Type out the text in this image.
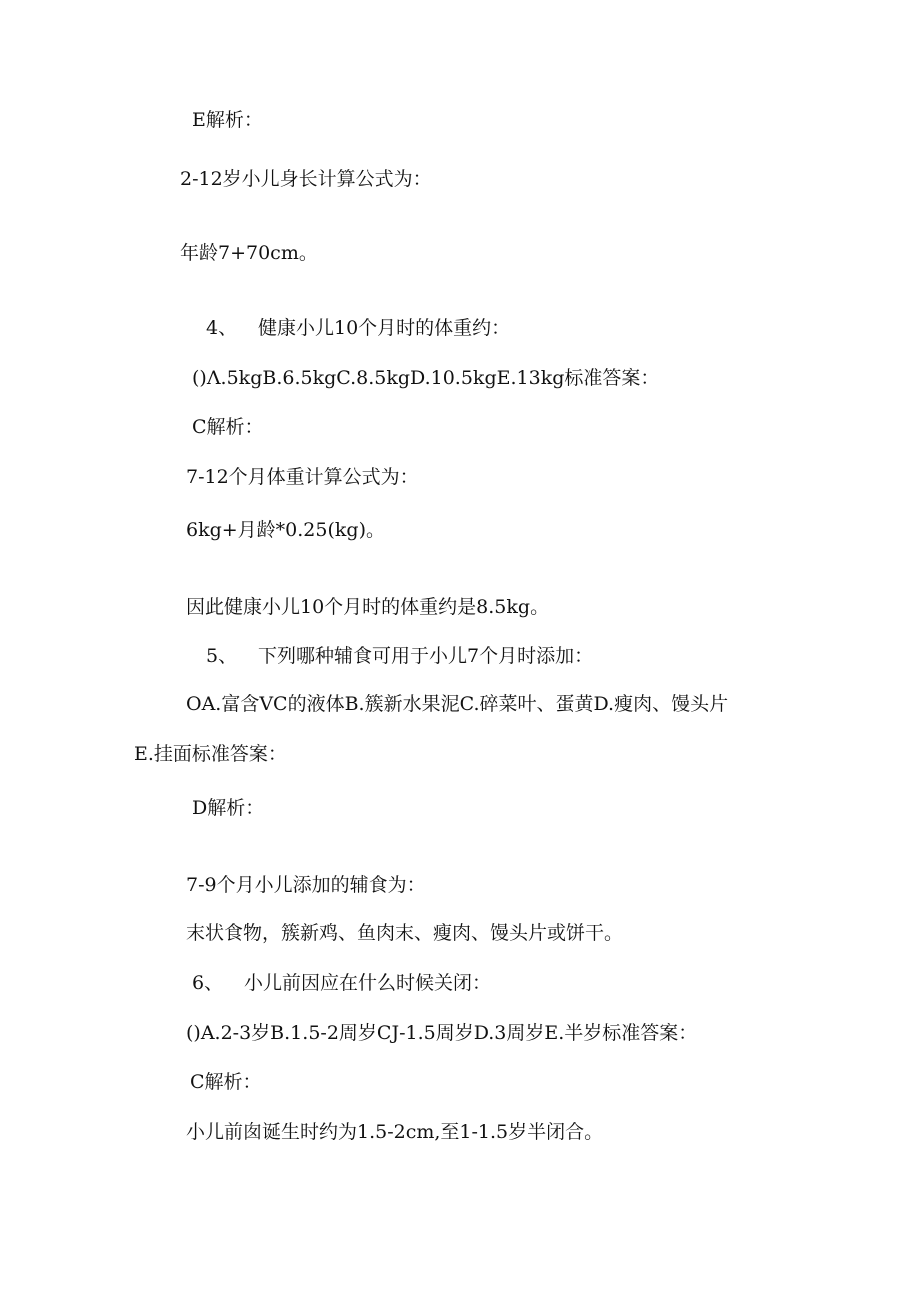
E解析：
2-12岁小儿身长计算公式为：
年龄7+70cm。
4、 健康小儿10个月时的体重约：
()Λ.5kgB.6.5kgC.8.5kgD.10.5kgE.13kg标准答案：
C解析：
7-12个月体重计算公式为：
6kg+月龄*0.25(kg)。
因此健康小儿10个月时的体重约是8.5kg。
5、 下列哪种辅食可用于小儿7个月时添加：
OA.富含VC的液体B.簇新水果泥C.碎菜叶、蛋黄D.瘦肉、馒头片
E.挂面标准答案：
D解析：
7-9个月小儿添加的辅食为：
末状食物，簇新鸡、鱼肉末、瘦肉、馒头片或饼干。
6、 小儿前因应在什么时候关闭：
()A.2-3岁B.1.5-2周岁CJ-1.5周岁D.3周岁E.半岁标准答案：
C解析：
小儿前囱诞生时约为1.5-2cm,至1-1.5岁半闭合。
